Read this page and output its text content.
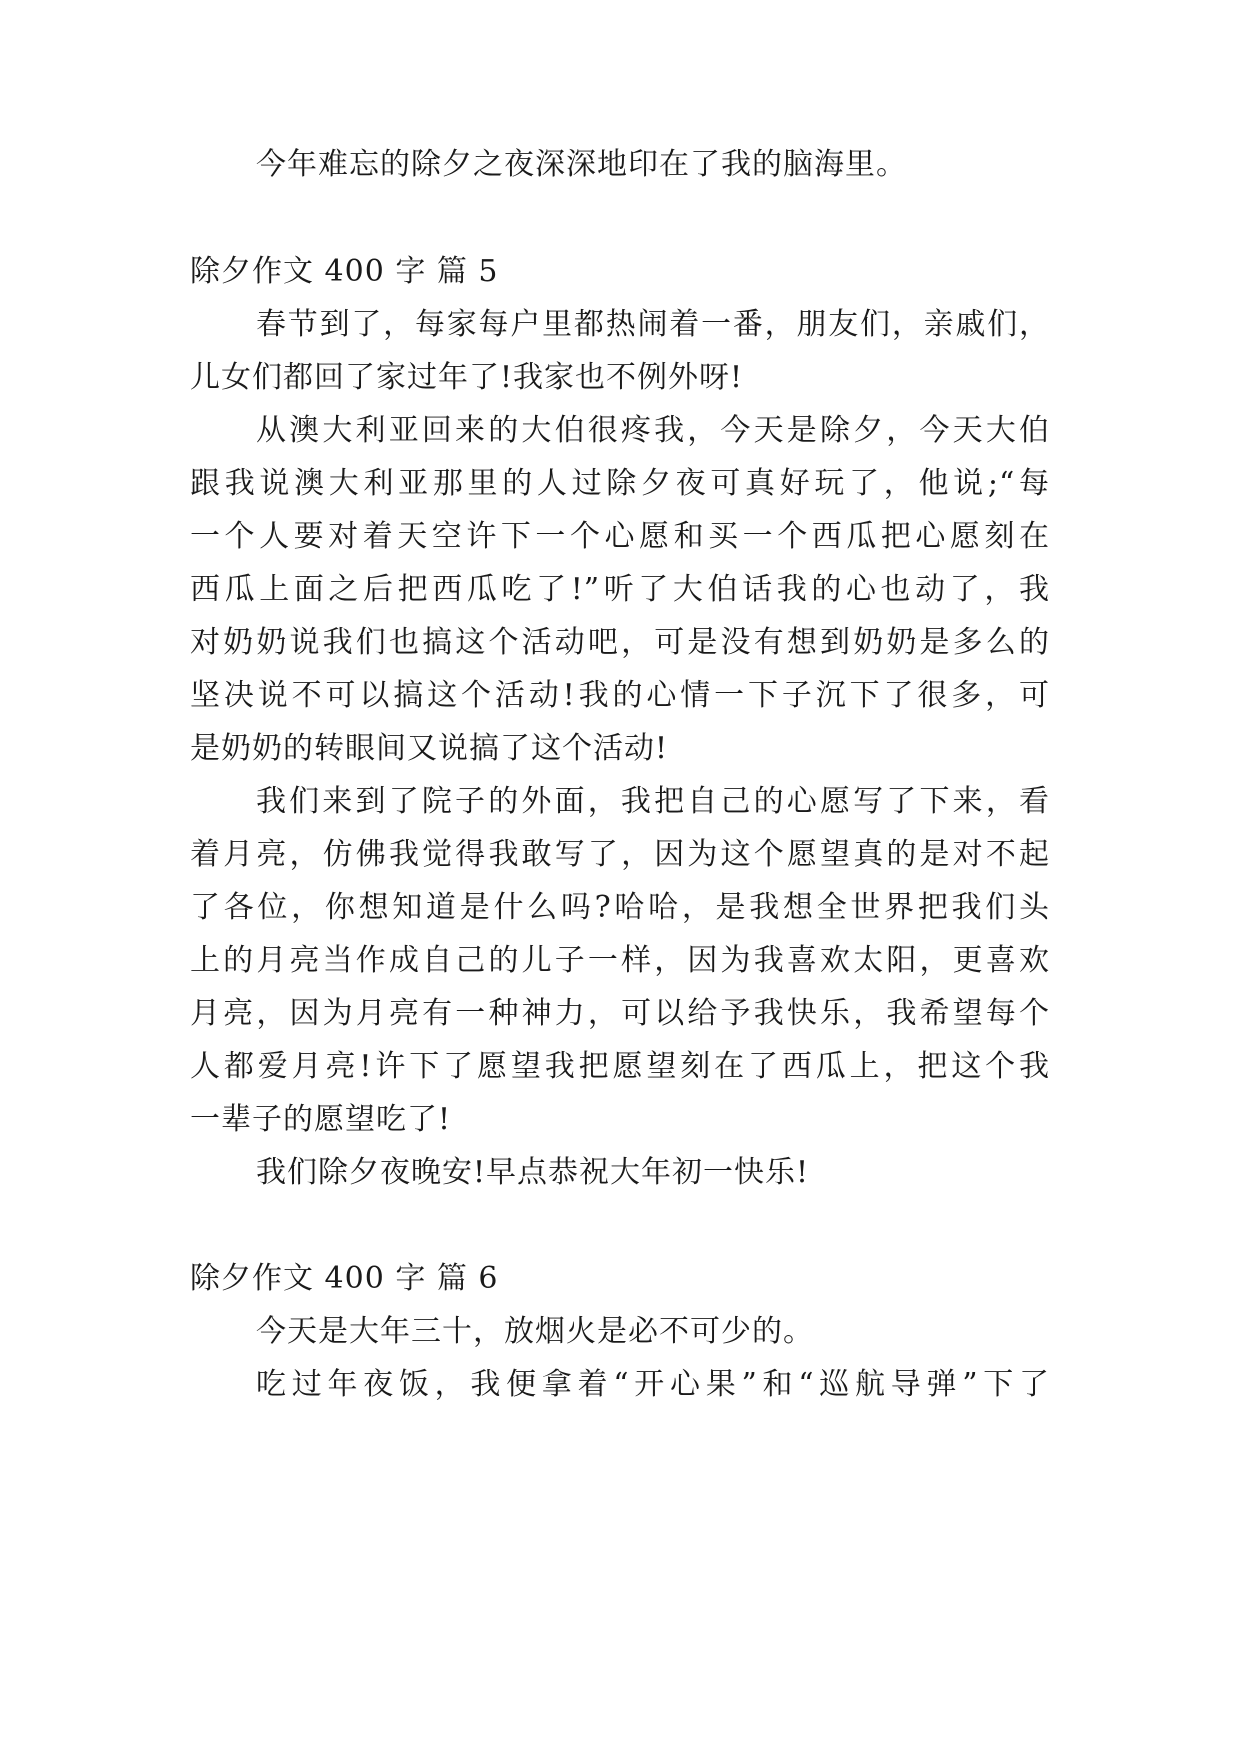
今年难忘的除夕之夜深深地印在了我的脑海里。
除夕作文 400 字 篇 5
春节到了，每家每户里都热闹着一番，朋友们，亲戚们，
儿女们都回了家过年了!我家也不例外呀!
从澳大利亚回来的大伯很疼我，今天是除夕，今天大伯
跟我说澳大利亚那里的人过除夕夜可真好玩了，他说;“每
一个人要对着天空许下一个心愿和买一个西瓜把心愿刻在
西瓜上面之后把西瓜吃了!”听了大伯话我的心也动了，我
对奶奶说我们也搞这个活动吧，可是没有想到奶奶是多么的
坚决说不可以搞这个活动!我的心情一下子沉下了很多，可
是奶奶的转眼间又说搞了这个活动!
我们来到了院子的外面，我把自己的心愿写了下来，看
着月亮，仿佛我觉得我敢写了，因为这个愿望真的是对不起
了各位，你想知道是什么吗?哈哈，是我想全世界把我们头
上的月亮当作成自己的儿子一样，因为我喜欢太阳，更喜欢
月亮，因为月亮有一种神力，可以给予我快乐，我希望每个
人都爱月亮!许下了愿望我把愿望刻在了西瓜上，把这个我
一辈子的愿望吃了!
我们除夕夜晚安!早点恭祝大年初一快乐!
除夕作文 400 字 篇 6
今天是大年三十，放烟火是必不可少的。
吃过年夜饭，我便拿着“开心果”和“巡航导弹”下了
